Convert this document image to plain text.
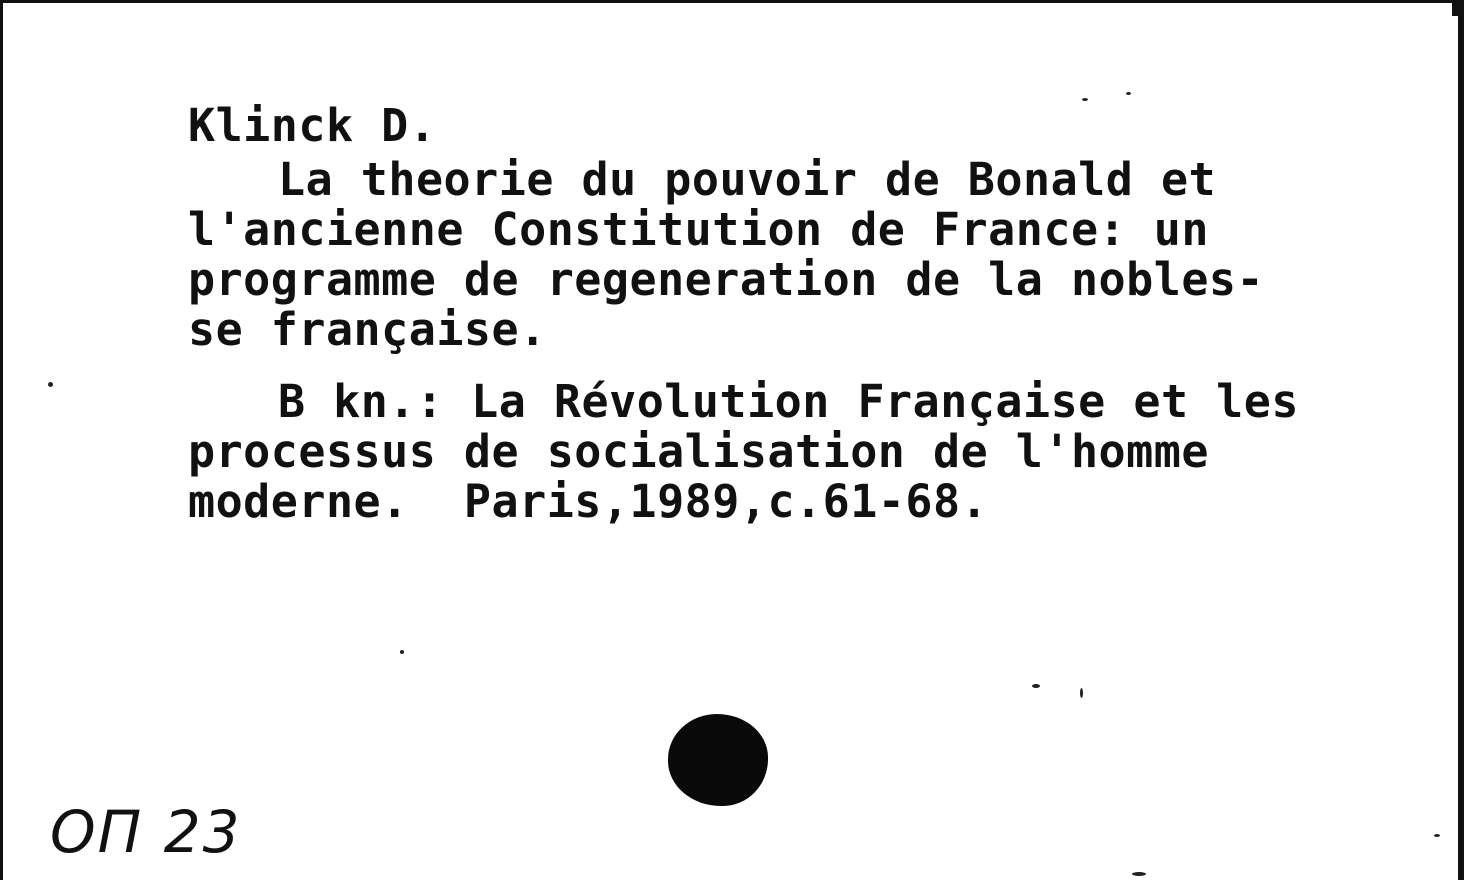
Klinck D.
La theorie du pouvoir de Bonald et
l'ancienne Constitution de France: un
programme de regeneration de la nobles-
se française.
B kn.: La Révolution Française et les
processus de socialisation de l'homme
moderne.  Paris,1989,c.61-68.
ОП 23
